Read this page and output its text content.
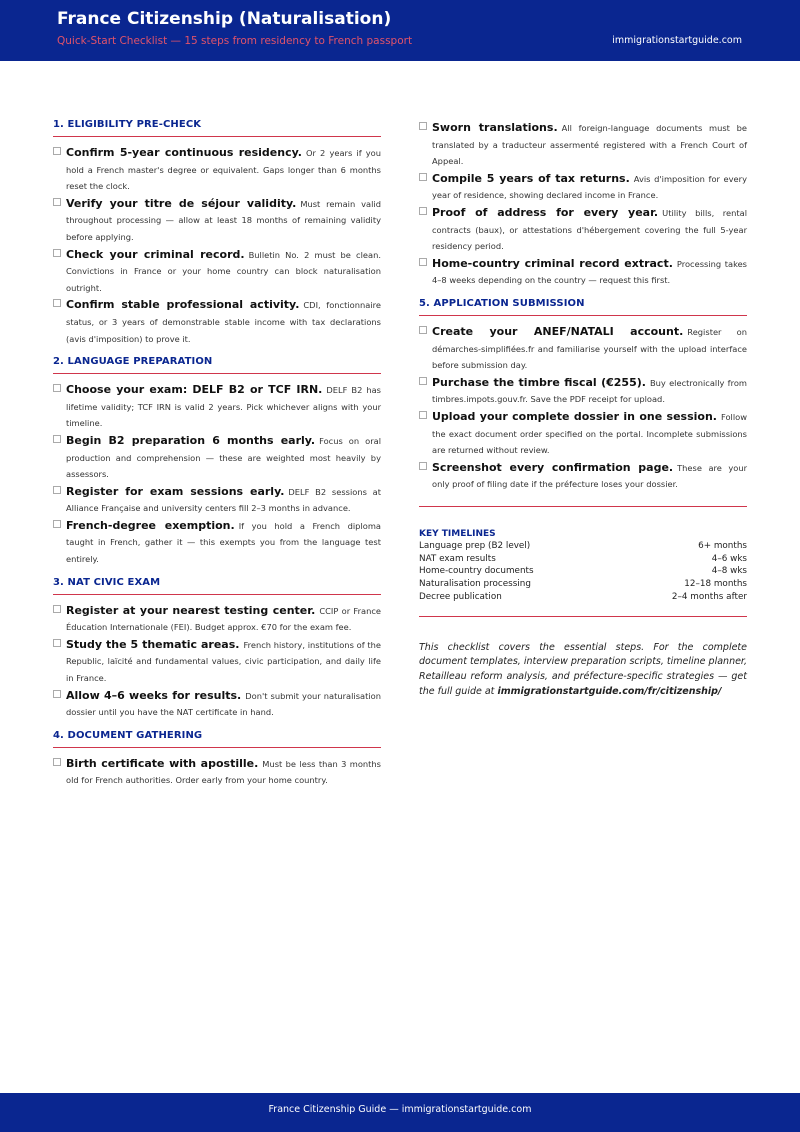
France Citizenship (Naturalisation)
Quick-Start Checklist — 15 steps from residency to French passport	immigrationstartguide.com
1. ELIGIBILITY PRE-CHECK
Confirm 5-year continuous residency. Or 2 years if you hold a French master's degree or equivalent. Gaps longer than 6 months reset the clock.
Verify your titre de séjour validity. Must remain valid throughout processing — allow at least 18 months of remaining validity before applying.
Check your criminal record. Bulletin No. 2 must be clean. Convictions in France or your home country can block naturalisation outright.
Confirm stable professional activity. CDI, fonctionnaire status, or 3 years of demonstrable stable income with tax declarations (avis d'imposition) to prove it.
2. LANGUAGE PREPARATION
Choose your exam: DELF B2 or TCF IRN. DELF B2 has lifetime validity; TCF IRN is valid 2 years. Pick whichever aligns with your timeline.
Begin B2 preparation 6 months early. Focus on oral production and comprehension — these are weighted most heavily by assessors.
Register for exam sessions early. DELF B2 sessions at Alliance Française and university centers fill 2–3 months in advance.
French-degree exemption. If you hold a French diploma taught in French, gather it — this exempts you from the language test entirely.
3. NAT CIVIC EXAM
Register at your nearest testing center. CCIP or France Éducation Internationale (FEI). Budget approx. €70 for the exam fee.
Study the 5 thematic areas. French history, institutions of the Republic, laïcité and fundamental values, civic participation, and daily life in France.
Allow 4–6 weeks for results. Don't submit your naturalisation dossier until you have the NAT certificate in hand.
4. DOCUMENT GATHERING
Birth certificate with apostille. Must be less than 3 months old for French authorities. Order early from your home country.
Sworn translations. All foreign-language documents must be translated by a traducteur assermenté registered with a French Court of Appeal.
Compile 5 years of tax returns. Avis d'imposition for every year of residence, showing declared income in France.
Proof of address for every year. Utility bills, rental contracts (baux), or attestations d'hébergement covering the full 5-year residency period.
Home-country criminal record extract. Processing takes 4–8 weeks depending on the country — request this first.
5. APPLICATION SUBMISSION
Create your ANEF/NATALI account. Register on démarches-simplifiées.fr and familiarise yourself with the upload interface before submission day.
Purchase the timbre fiscal (€255). Buy electronically from timbres.impots.gouv.fr. Save the PDF receipt for upload.
Upload your complete dossier in one session. Follow the exact document order specified on the portal. Incomplete submissions are returned without review.
Screenshot every confirmation page. These are your only proof of filing date if the préfecture loses your dossier.
KEY TIMELINES
Language prep (B2 level)	6+ months
NAT exam results	4–6 wks
Home-country documents	4–8 wks
Naturalisation processing	12–18 months
Decree publication	2–4 months after
This checklist covers the essential steps. For the complete document templates, interview preparation scripts, timeline planner, Retailleau reform analysis, and préfecture-specific strategies — get the full guide at immigrationstartguide.com/fr/citizenship/
France Citizenship Guide — immigrationstartguide.com
